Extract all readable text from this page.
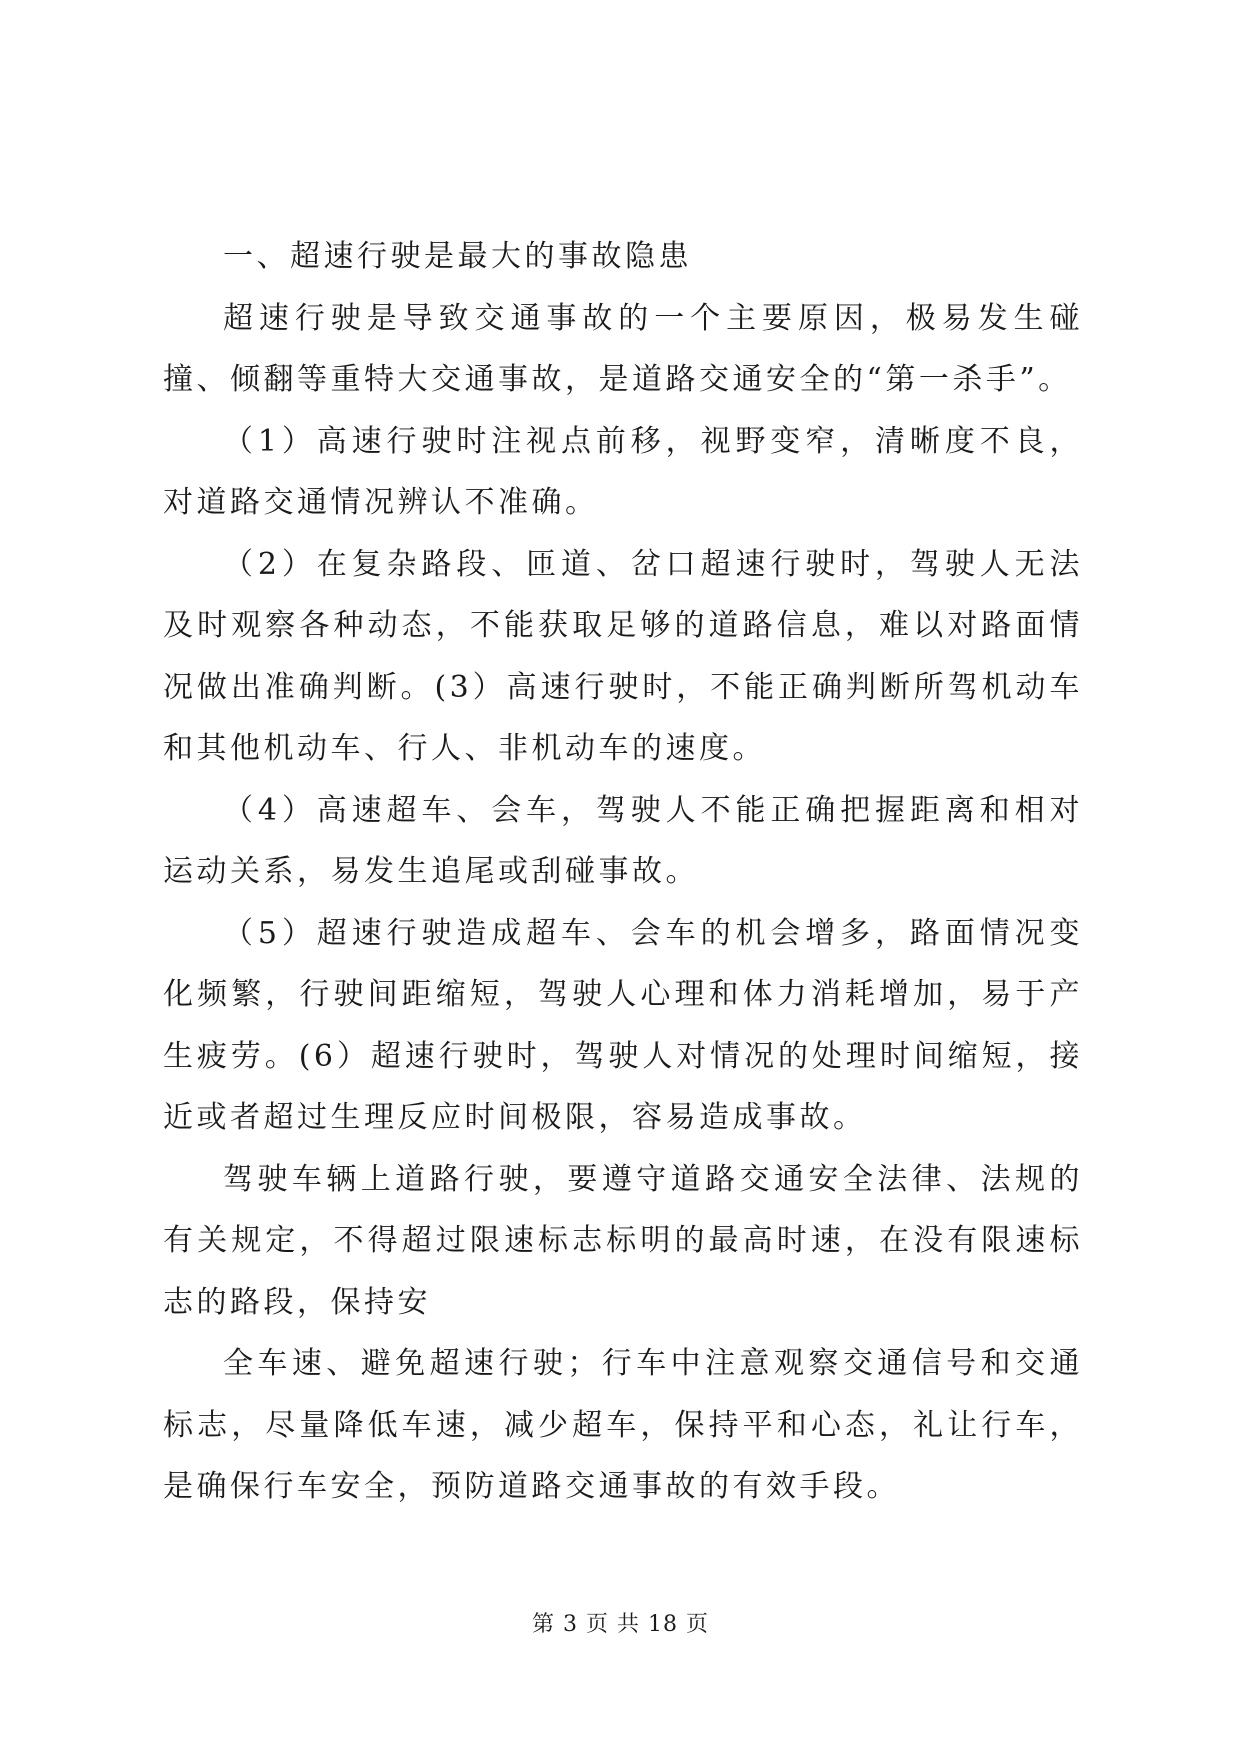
一、超速行驶是最大的事故隐患

超速行驶是导致交通事故的一个主要原因，极易发生碰撞、倾翻等重特大交通事故，是道路交通安全的“第一杀手”。

（1）高速行驶时注视点前移，视野变窄，清晰度不良，对道路交通情况辨认不准确。

（2）在复杂路段、匝道、岔口超速行驶时，驾驶人无法及时观察各种动态，不能获取足够的道路信息，难以对路面情况做出准确判断。(3）高速行驶时，不能正确判断所驾机动车和其他机动车、行人、非机动车的速度。

（4）高速超车、会车，驾驶人不能正确把握距离和相对运动关系，易发生追尾或刮碰事故。

（5）超速行驶造成超车、会车的机会增多，路面情况变化频繁，行驶间距缩短，驾驶人心理和体力消耗增加，易于产生疲劳。(6）超速行驶时，驾驶人对情况的处理时间缩短，接近或者超过生理反应时间极限，容易造成事故。

驾驶车辆上道路行驶，要遵守道路交通安全法律、法规的有关规定，不得超过限速标志标明的最高时速，在没有限速标志的路段，保持安

全车速、避免超速行驶；行车中注意观察交通信号和交通标志，尽量降低车速，减少超车，保持平和心态，礼让行车，是确保行车安全，预防道路交通事故的有效手段。

第 3 页 共 18 页
